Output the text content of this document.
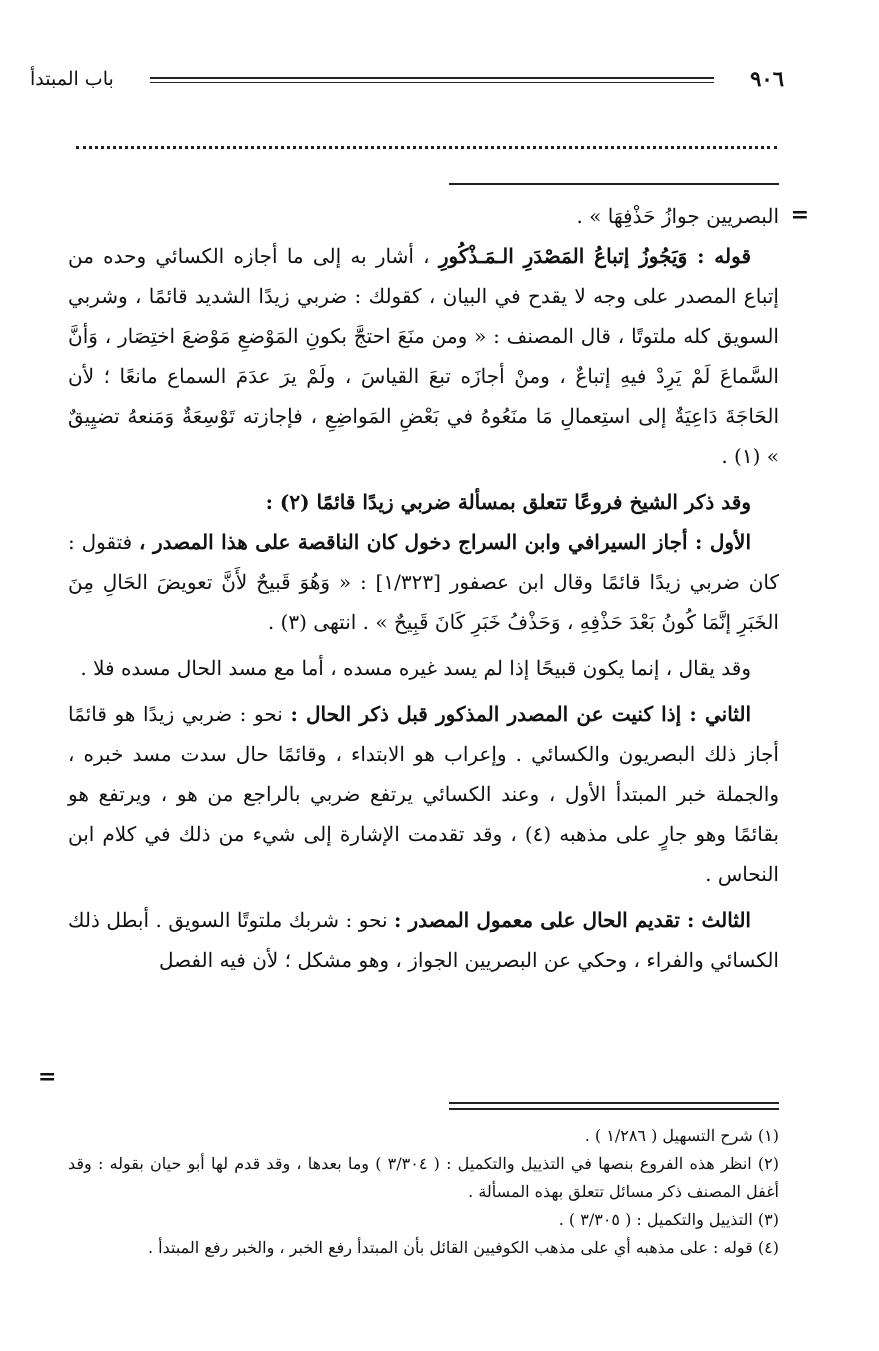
٩٠٦
باب المبتدأ
=
=

البصريين جوازُ حَذْفِهَا » .

قوله : وَيَجُوزُ إتباعُ المَصْدَرِ الـمَـذْكُورِ ، أشار به إلى ما أجازه الكسائي وحده من إتباع المصدر على وجه لا يقدح في البيان ، كقولك : ضربي زيدًا الشديد قائمًا ، وشربي السويق كله ملتوتًا ، قال المصنف : « ومن منَعَ احتجَّ بكونِ المَوْضعِ مَوْضعَ اختِصَار ، وَأنَّ السَّماعَ لَمْ يَرِدْ فيهِ إتباعٌ ، ومنْ أجازَه تبعَ القياسَ ، ولَمْ يرَ عدَمَ السماع مانعًا ؛ لأن الحَاجَةَ دَاعِيَةٌ إلى استِعمالِ مَا منَعُوهُ في بَعْضِ المَواضِعِ ، فإجازته تَوْسِعَةٌ وَمَنعهُ تضيِيقٌ » (١) .

وقد ذكر الشيخ فروعًا تتعلق بمسألة ضربي زيدًا قائمًا (٢) :

الأول : أجاز السيرافي وابن السراج دخول كان الناقصة على هذا المصدر ، فتقول : كان ضربي زيدًا قائمًا وقال ابن عصفور [١/٣٢٣] : « وَهُوَ قَبيحٌ لأَنَّ تعويضَ الحَالِ مِنَ الخَبَرِ إنَّمَا كُونُ بَعْدَ حَذْفِهِ ، وَحَذْفُ خَبَرِ كَانَ قَبِيحٌ » . انتهى (٣) .

وقد يقال ، إنما يكون قبيحًا إذا لم يسد غيره مسده ، أما مع مسد الحال مسده فلا .

الثاني : إذا كنيت عن المصدر المذكور قبل ذكر الحال : نحو : ضربي زيدًا هو قائمًا أجاز ذلك البصريون والكسائي . وإعراب هو الابتداء ، وقائمًا حال سدت مسد خبره ، والجملة خبر المبتدأ الأول ، وعند الكسائي يرتفع ضربي بالراجع من هو ، ويرتفع هو بقائمًا وهو جارٍ على مذهبه (٤) ، وقد تقدمت الإشارة إلى شيء من ذلك في كلام ابن النحاس .

الثالث : تقديم الحال على معمول المصدر : نحو : شربك ملتوتًا السويق . أبطل ذلك الكسائي والفراء ، وحكي عن البصريين الجواز ، وهو مشكل ؛ لأن فيه الفصل

(١) شرح التسهيل ( ١/٢٨٦ ) .

(٢) انظر هذه الفروع بنصها في التذييل والتكميل : ( ٣/٣٠٤ ) وما بعدها ، وقد قدم لها أبو حيان بقوله : وقد أغفل المصنف ذكر مسائل تتعلق بهذه المسألة .

(٣) التذييل والتكميل : ( ٣/٣٠٥ ) .

(٤) قوله : على مذهبه أي على مذهب الكوفيين القائل بأن المبتدأ رفع الخبر ، والخبر رفع المبتدأ .
